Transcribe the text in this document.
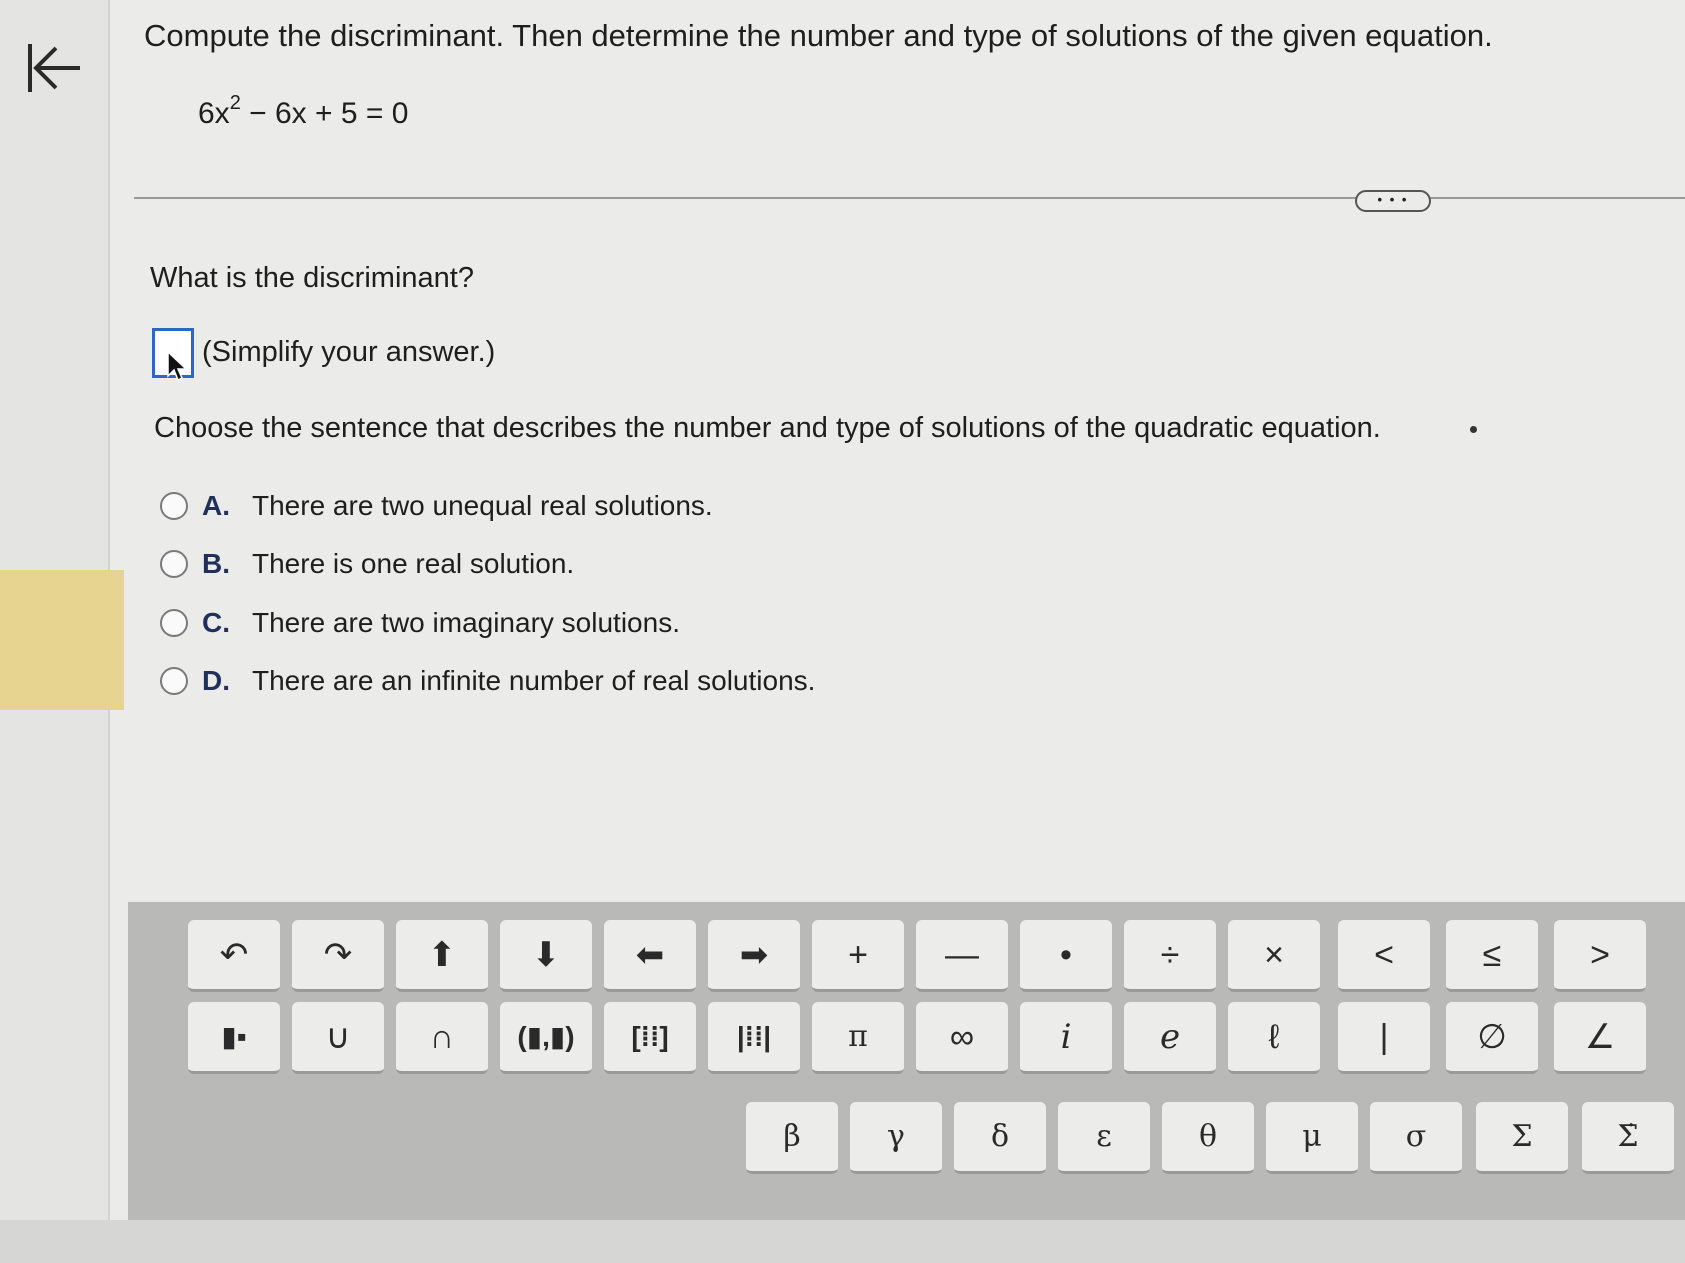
Compute the discriminant. Then determine the number and type of solutions of the given equation.
$6x^2 - 6x + 5 = 0$
• • •
What is the discriminant?
(Simplify your answer.)
Choose the sentence that describes the number and type of solutions of the quadratic equation.
A. There are two unequal real solutions.
B. There is one real solution.
C. There are two imaginary solutions.
D. There are an infinite number of real solutions.
↶	↷	⬆	⬇	⬅	➡	+	—	•	÷	×	<	≤	>
▮▪	∪	∩	(▮,▮)	[⁞⁞]	|⁞⁞|	π	∞	i	e	ℓ	|	∅	∠
β	γ	δ	ε	θ	μ	σ	Σ	Σ̇
